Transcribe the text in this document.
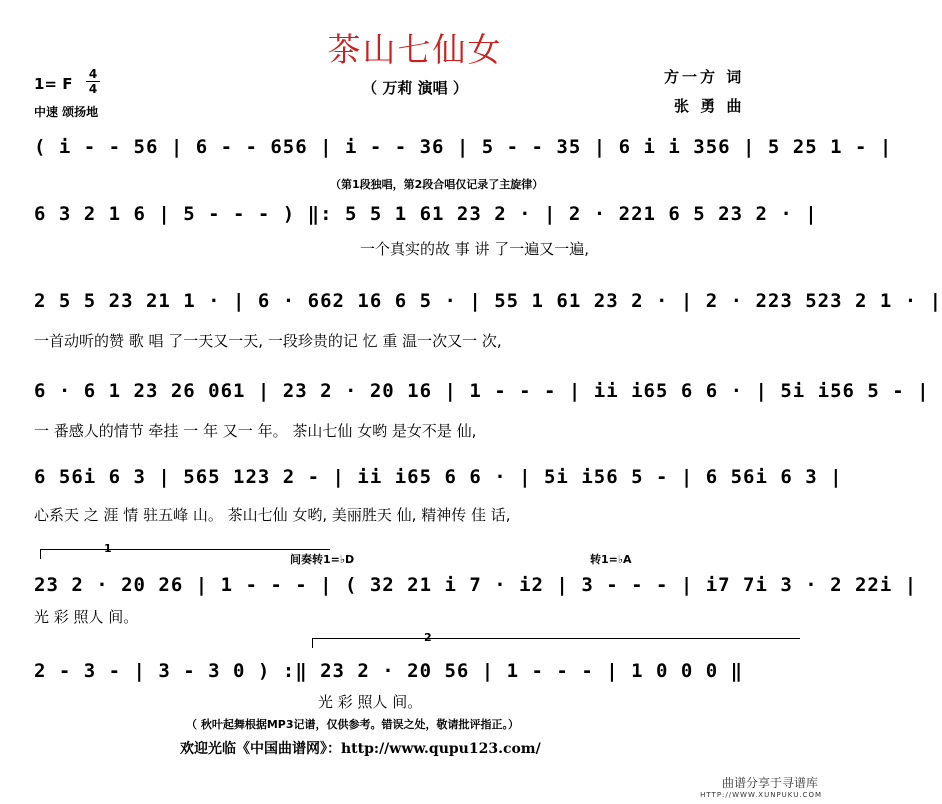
茶山七仙女
（ 万莉 演唱 ）
方一方 词
张 勇 曲
1= F
4
4
中速 颂扬地
( i - - 56 | 6 - - 656 | i - - 36 | 5 - - 35 | 6 i i 356 | 5 25 1 - |
（第1段独唱，第2段合唱仅记录了主旋律）
6 3 2 1 6 | 5 - - - ) ‖: 5 5 1 61 23 2 · | 2 · 221 6 5 23 2 · |
一个真实的故 事 讲 了一遍又一遍,
2 5 5 23 21 1 · | 6 · 662 16 6 5 · | 55 1 61 23 2 · | 2 · 223 523 2 1 · |
一首动听的赞 歌 唱 了一天又一天, 一段珍贵的记 忆 重 温一次又一 次,
6 · 6 1 23 26 061 | 23 2 · 20 16 | 1 - - - | ii i65 6 6 · | 5i i56 5 - |
一 番感人的情节 牵挂 一 年 又一 年。 茶山七仙 女哟 是女不是 仙,
6 56i 6 3 | 565 123 2 - | ii i65 6 6 · | 5i i56 5 - | 6 56i 6 3 |
心系天 之 涯 情 驻五峰 山。 茶山七仙 女哟, 美丽胜天 仙, 精神传 佳 话,
1
间奏转1=♭D	转1=♭A
23 2 · 20 26 | 1 - - - | ( 32 21 i 7 · i2 | 3 - - - | i7 7i 3 · 2 22i |
光 彩 照人 间。
2
2 - 3 - | 3 - 3 0 ) :‖ 23 2 · 20 56 | 1 - - - | 1 0 0 0 ‖
光 彩 照人 间。
（ 秋叶起舞根据MP3记谱，仅供参考。错误之处，敬请批评指正。）
欢迎光临《中国曲谱网》：http://www.qupu123.com/
曲谱分享于寻谱库
HTTP://WWW.XUNPUKU.COM
